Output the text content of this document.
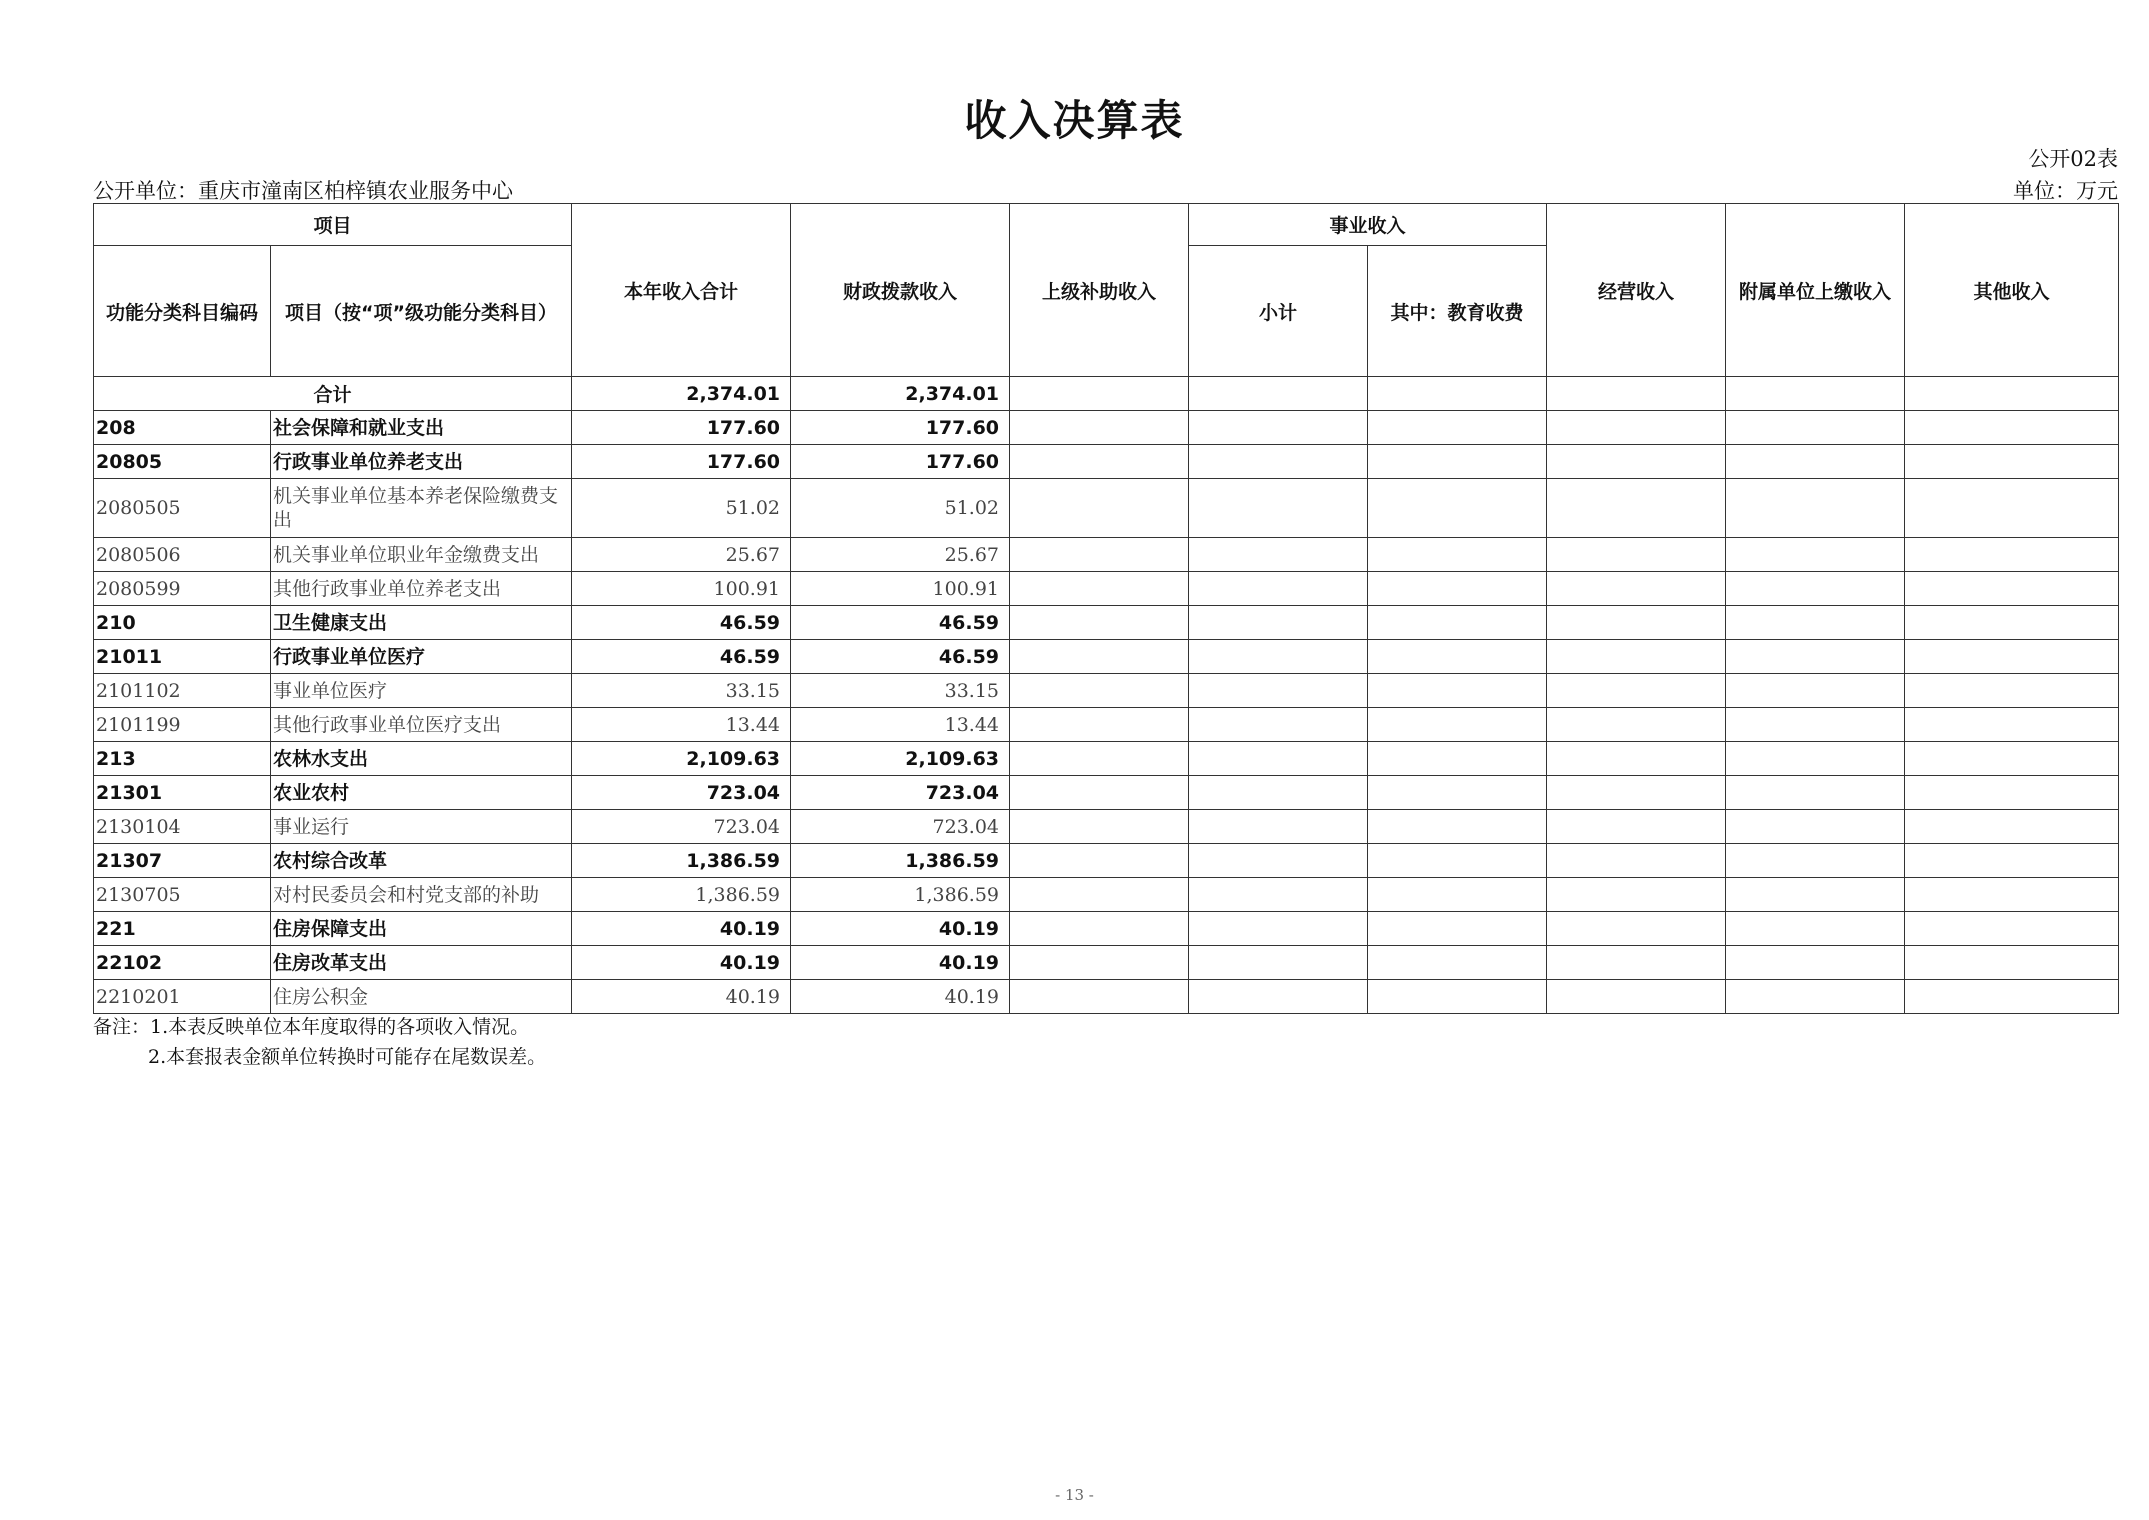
收入决算表
公开02表
公开单位：重庆市潼南区柏梓镇农业服务中心	单位：万元
项目		本年收入合计	财政拨款收入	上级补助收入	事业收入		经营收入	附属单位上缴收入	其他收入
功能分类科目编码	项目（按“项”级功能分类科目）				小计	其中：教育收费			
合计		2,374.01	2,374.01						
208	社会保障和就业支出	177.60	177.60						
20805	行政事业单位养老支出	177.60	177.60						
2080505	机关事业单位基本养老保险缴费支出	51.02	51.02						
2080506	机关事业单位职业年金缴费支出	25.67	25.67						
2080599	其他行政事业单位养老支出	100.91	100.91						
210	卫生健康支出	46.59	46.59						
21011	行政事业单位医疗	46.59	46.59						
2101102	事业单位医疗	33.15	33.15						
2101199	其他行政事业单位医疗支出	13.44	13.44						
213	农林水支出	2,109.63	2,109.63						
21301	农业农村	723.04	723.04						
2130104	事业运行	723.04	723.04						
21307	农村综合改革	1,386.59	1,386.59						
2130705	对村民委员会和村党支部的补助	1,386.59	1,386.59						
221	住房保障支出	40.19	40.19						
22102	住房改革支出	40.19	40.19						
2210201	住房公积金	40.19	40.19						
备注：1.本表反映单位本年度取得的各项收入情况。
2.本套报表金额单位转换时可能存在尾数误差。
- 13 -
